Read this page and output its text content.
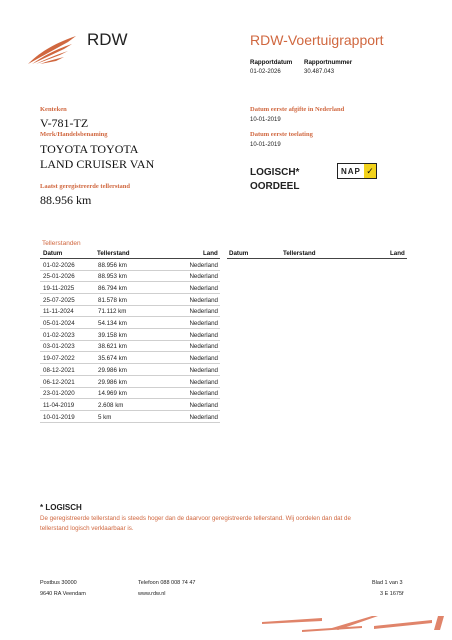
RDW	RDW-Voertuigrapport
Rapportdatum
01-02-2026
Rapportnummer
30.487.043
Kenteken
V-781-TZ
Merk/Handelsbenaming
TOYOTA TOYOTA
LAND CRUISER VAN
Laatst geregistreerde tellerstand
88.956 km
Datum eerste afgifte in Nederland
10-01-2019
Datum eerste toelating
10-01-2019
LOGISCH*
OORDEEL
NAP ✓
Tellerstanden
Datum	Tellerstand	Land Datum	Tellerstand	Land
01-02-2026	88.956 km	Nederland
25-01-2026	88.953 km	Nederland
19-11-2025	86.794 km	Nederland
25-07-2025	81.578 km	Nederland
11-11-2024	71.112 km	Nederland
05-01-2024	54.134 km	Nederland
01-02-2023	39.158 km	Nederland
03-01-2023	38.621 km	Nederland
19-07-2022	35.674 km	Nederland
08-12-2021	29.986 km	Nederland
06-12-2021	29.986 km	Nederland
23-01-2020	14.969 km	Nederland
11-04-2019	2.608 km	Nederland
10-01-2019	5 km	Nederland
* LOGISCH
De geregistreerde tellerstand is steeds hoger dan de daarvoor geregistreerde tellerstand. Wij oordelen dan dat de
tellerstand logisch verklaarbaar is.
Postbus 30000
9640 RA Veendam
Telefoon 088 008 74 47
www.rdw.nl
Blad 1 van 3
3 E 1675f
